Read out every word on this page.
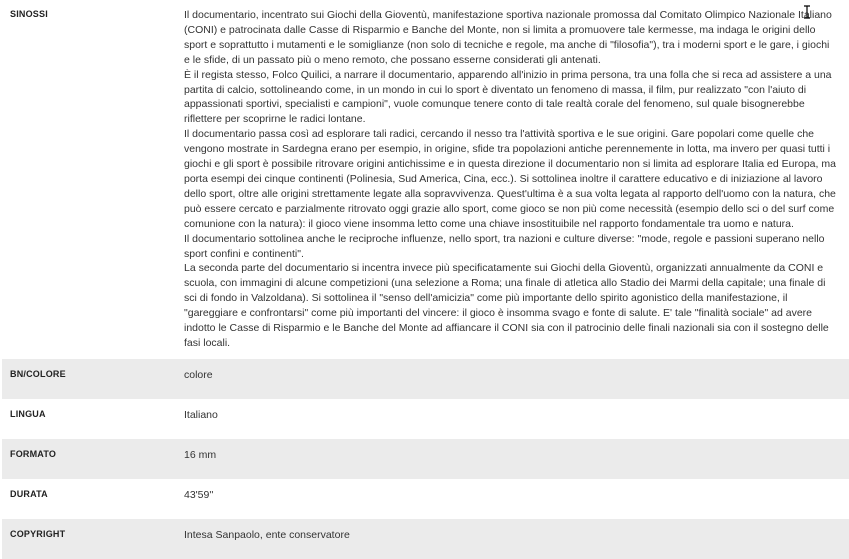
SINOSSI	Il documentario, incentrato sui Giochi della Gioventù, manifestazione sportiva nazionale promossa dal Comitato Olimpico Nazionale Italiano (CONI) e patrocinata dalle Casse di Risparmio e Banche del Monte, non si limita a promuovere tale kermesse, ma indaga le origini dello sport e soprattutto i mutamenti e le somiglianze (non solo di tecniche e regole, ma anche di "filosofia"), tra i moderni sport e le gare, i giochi e le sfide, di un passato più o meno remoto, che possano esserne considerati gli antenati.

È il regista stesso, Folco Quilici, a narrare il documentario, apparendo all'inizio in prima persona, tra una folla che si reca ad assistere a una partita di calcio, sottolineando come, in un mondo in cui lo sport è diventato un fenomeno di massa, il film, pur realizzato "con l'aiuto di appassionati sportivi, specialisti e campioni", vuole comunque tenere conto di tale realtà corale del fenomeno, sul quale bisognerebbe riflettere per scoprirne le radici lontane.

Il documentario passa così ad esplorare tali radici, cercando il nesso tra l'attività sportiva e le sue origini. Gare popolari come quelle che vengono mostrate in Sardegna erano per esempio, in origine, sfide tra popolazioni antiche perennemente in lotta, ma invero per quasi tutti i giochi e gli sport è possibile ritrovare origini antichissime e in questa direzione il documentario non si limita ad esplorare Italia ed Europa, ma porta esempi dei cinque continenti (Polinesia, Sud America, Cina, ecc.). Si sottolinea inoltre il carattere educativo e di iniziazione al lavoro dello sport, oltre alle origini strettamente legate alla sopravvivenza. Quest'ultima è a sua volta legata al rapporto dell'uomo con la natura, che può essere cercato e parzialmente ritrovato oggi grazie allo sport, come gioco se non più come necessità (esempio dello sci o del surf come comunione con la natura): il gioco viene insomma letto come una chiave insostituibile nel rapporto fondamentale tra uomo e natura.

Il documentario sottolinea anche le reciproche influenze, nello sport, tra nazioni e culture diverse: "mode, regole e passioni superano nello sport confini e continenti".

La seconda parte del documentario si incentra invece più specificatamente sui Giochi della Gioventù, organizzati annualmente da CONI e scuola, con immagini di alcune competizioni (una selezione a Roma; una finale di atletica allo Stadio dei Marmi della capitale; una finale di sci di fondo in Valzoldana). Si sottolinea il "senso dell'amicizia" come più importante dello spirito agonistico della manifestazione, il "gareggiare e confrontarsi" come più importanti del vincere: il gioco è insomma svago e fonte di salute. E' tale "finalità sociale" ad avere indotto le Casse di Risparmio e le Banche del Monte ad affiancare il CONI sia con il patrocinio delle finali nazionali sia con il sostegno delle fasi locali.

BN/COLORE	colore
LINGUA	Italiano
FORMATO	16 mm
DURATA	43'59''
COPYRIGHT	Intesa Sanpaolo, ente conservatore
